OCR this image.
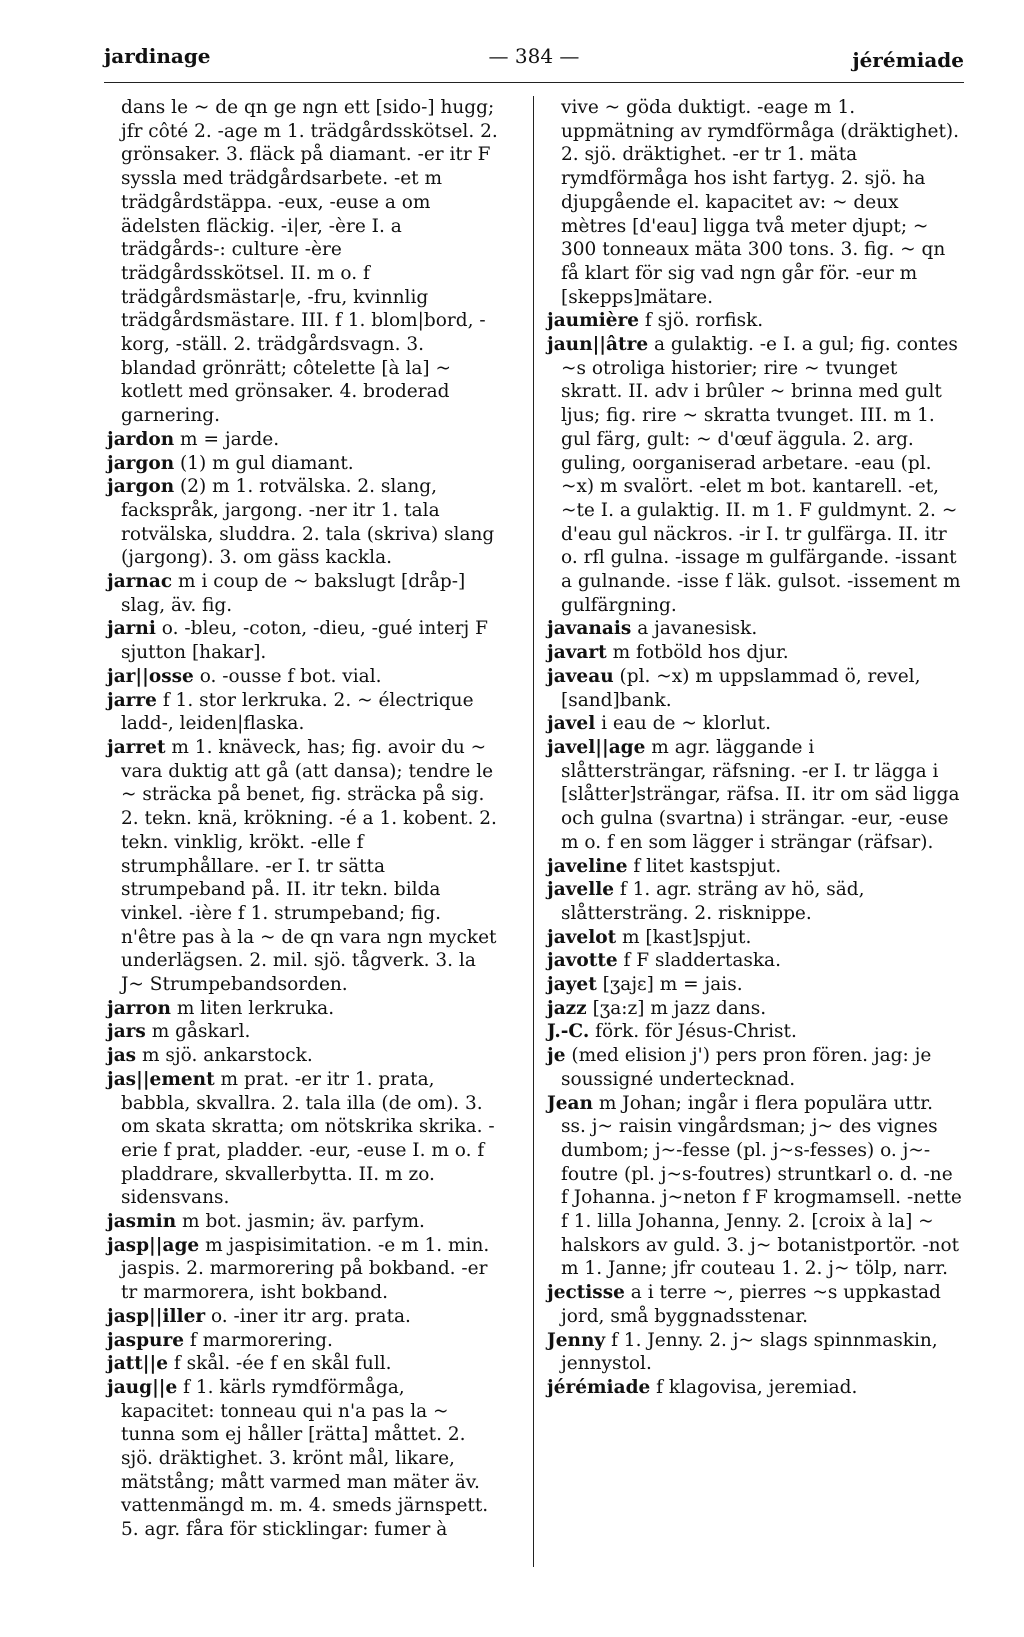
jardinage	— 384 —	jérémiade

dans le ~ de qn ge ngn ett [sido-] hugg; jfr côté 2. -age m 1. trädgårdsskötsel. 2. grönsaker. 3. fläck på diamant. -er itr F syssla med trädgårdsarbete. -et m trädgårdstäppa. -eux, -euse a om ädelsten fläckig. -i|er, -ère I. a trädgårds-: culture -ère trädgårdsskötsel. II. m o. f trädgårdsmästar|e, -fru, kvinnlig trädgårdsmästare. III. f 1. blom|bord, -korg, -ställ. 2. trädgårdsvagn. 3. blandad grönrätt; côtelette [à la] ~ kotlett med grönsaker. 4. broderad garnering.

jardon m = jarde.

jargon (1) m gul diamant.

jargon (2) m 1. rotvälska. 2. slang, fackspråk, jargong. -ner itr 1. tala rotvälska, sluddra. 2. tala (skriva) slang (jargong). 3. om gäss kackla.

jarnac m i coup de ~ bakslugt [dråp-] slag, äv. fig.

jarni o. -bleu, -coton, -dieu, -gué interj F sjutton [hakar].

jar||osse o. -ousse f bot. vial.

jarre f 1. stor lerkruka. 2. ~ électrique ladd-, leiden|flaska.

jarret m 1. knäveck, has; fig. avoir du ~ vara duktig att gå (att dansa); tendre le ~ sträcka på benet, fig. sträcka på sig. 2. tekn. knä, krökning. -é a 1. kobent. 2. tekn. vinklig, krökt. -elle f strumphållare. -er I. tr sätta strumpeband på. II. itr tekn. bilda vinkel. -ière f 1. strumpeband; fig. n'être pas à la ~ de qn vara ngn mycket underlägsen. 2. mil. sjö. tågverk. 3. la J~ Strumpebandsorden.

jarron m liten lerkruka.

jars m gåskarl.

jas m sjö. ankarstock.

jas||ement m prat. -er itr 1. prata, babbla, skvallra. 2. tala illa (de om). 3. om skata skratta; om nötskrika skrika. -erie f prat, pladder. -eur, -euse I. m o. f pladdrare, skvallerbytta. II. m zo. sidensvans.

jasmin m bot. jasmin; äv. parfym.

jasp||age m jaspisimitation. -e m 1. min. jaspis. 2. marmorering på bokband. -er tr marmorera, isht bokband.

jasp||iller o. -iner itr arg. prata.

jaspure f marmorering.

jatt||e f skål. -ée f en skål full.

jaug||e f 1. kärls rymdförmåga, kapacitet: tonneau qui n'a pas la ~ tunna som ej håller [rätta] måttet. 2. sjö. dräktighet. 3. krönt mål, likare, mätstång; mått varmed man mäter äv. vattenmängd m. m. 4. smeds järnspett. 5. agr. fåra för sticklingar: fumer à

vive ~ göda duktigt. -eage m 1. uppmätning av rymdförmåga (dräktighet). 2. sjö. dräktighet. -er tr 1. mäta rymdförmåga hos isht fartyg. 2. sjö. ha djupgående el. kapacitet av: ~ deux mètres [d'eau] ligga två meter djupt; ~ 300 tonneaux mäta 300 tons. 3. fig. ~ qn få klart för sig vad ngn går för. -eur m [skepps]mätare.

jaumière f sjö. rorfisk.

jaun||âtre a gulaktig. -e I. a gul; fig. contes ~s otroliga historier; rire ~ tvunget skratt. II. adv i brûler ~ brinna med gult ljus; fig. rire ~ skratta tvunget. III. m 1. gul färg, gult: ~ d'œuf äggula. 2. arg. guling, oorganiserad arbetare. -eau (pl. ~x) m svalört. -elet m bot. kantarell. -et, ~te I. a gulaktig. II. m 1. F guldmynt. 2. ~ d'eau gul näckros. -ir I. tr gulfärga. II. itr o. rfl gulna. -issage m gulfärgande. -issant a gulnande. -isse f läk. gulsot. -issement m gulfärgning.

javanais a javanesisk.

javart m fotböld hos djur.

javeau (pl. ~x) m uppslammad ö, revel, [sand]bank.

javel i eau de ~ klorlut.

javel||age m agr. läggande i slåttersträngar, räfsning. -er I. tr lägga i [slåtter]strängar, räfsa. II. itr om säd ligga och gulna (svartna) i strängar. -eur, -euse m o. f en som lägger i strängar (räfsar).

javeline f litet kastspjut.

javelle f 1. agr. sträng av hö, säd, slåttersträng. 2. risknippe.

javelot m [kast]spjut.

javotte f F sladdertaska.

jayet [ʒajɛ] m = jais.

jazz [ʒa:z] m jazz dans.

J.-C. förk. för Jésus-Christ.

je (med elision j') pers pron fören. jag: je soussigné undertecknad.

Jean m Johan; ingår i flera populära uttr. ss. j~ raisin vingårdsman; j~ des vignes dumbom; j~-fesse (pl. j~s-fesses) o. j~-foutre (pl. j~s-foutres) struntkarl o. d. -ne f Johanna. j~neton f F krogmamsell. -nette f 1. lilla Johanna, Jenny. 2. [croix à la] ~ halskors av guld. 3. j~ botanistportör. -not m 1. Janne; jfr couteau 1. 2. j~ tölp, narr.

jectisse a i terre ~, pierres ~s uppkastad jord, små byggnadsstenar.

Jenny f 1. Jenny. 2. j~ slags spinnmaskin, jennystol.

jérémiade f klagovisa, jeremiad.
